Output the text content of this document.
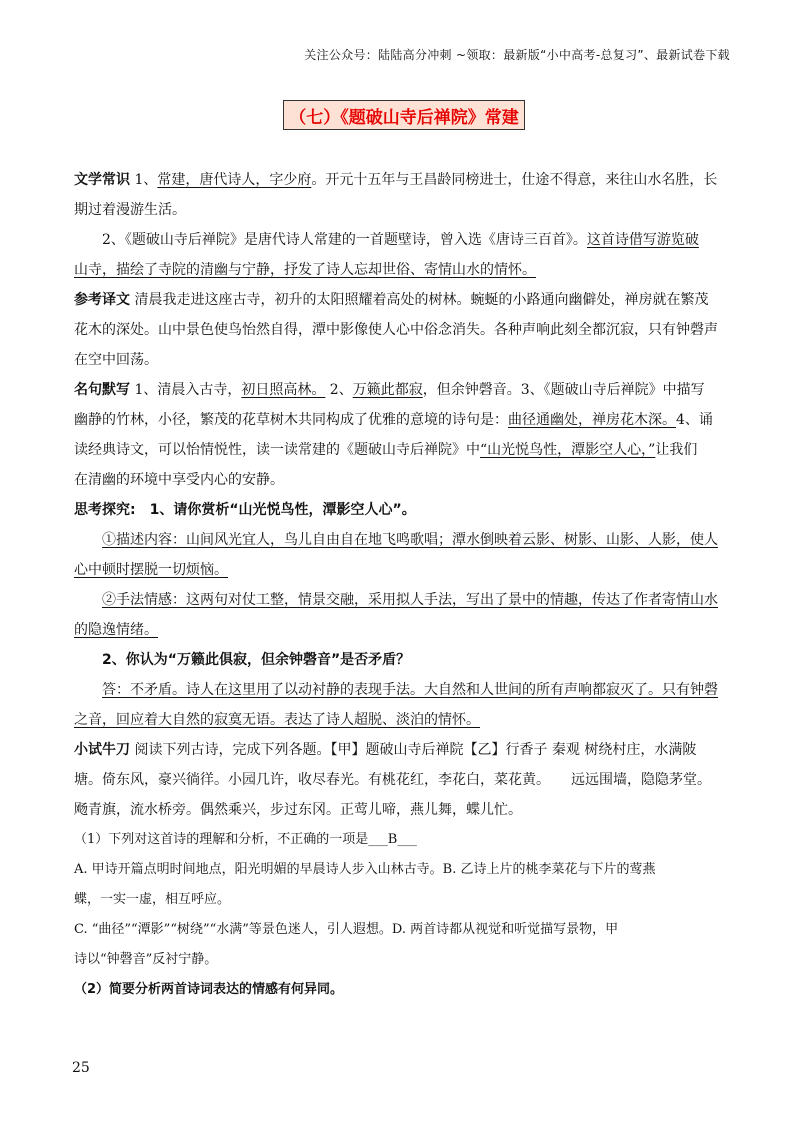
关注公众号：陆陆高分冲刺 ~领取：最新版“小中高考-总复习”、最新试卷下载
（七）《题破山寺后禅院》常建
文学常识 1、常建，唐代诗人，字少府。开元十五年与王昌龄同榜进士，仕途不得意，来往山水名胜，长
期过着漫游生活。
2、《题破山寺后禅院》是唐代诗人常建的一首题壁诗，曾入选《唐诗三百首》。这首诗借写游览破
山寺，描绘了寺院的清幽与宁静，抒发了诗人忘却世俗、寄情山水的情怀。
参考译文 清晨我走进这座古寺，初升的太阳照耀着高处的树林。蜿蜒的小路通向幽僻处，禅房就在繁茂
花木的深处。山中景色使鸟怡然自得，潭中影像使人心中俗念消失。各种声响此刻全都沉寂，只有钟磬声
在空中回荡。
名句默写 1、清晨入古寺，初日照高林。 2、万籁此都寂，但余钟磬音。3、《题破山寺后禅院》中描写
幽静的竹林，小径，繁茂的花草树木共同构成了优雅的意境的诗句是：曲径通幽处，禅房花木深。4、诵
读经典诗文，可以怡情悦性，读一读常建的《题破山寺后禅院》中“山光悦鸟性，潭影空人心，”让我们
在清幽的环境中享受内心的安静。
思考探究:　1、请你赏析“山光悦鸟性，潭影空人心”。
①描述内容：山间风光宜人，鸟儿自由自在地飞鸣歌唱；潭水倒映着云影、树影、山影、人影，使人
心中顿时摆脱一切烦恼。
②手法情感：这两句对仗工整，情景交融，采用拟人手法，写出了景中的情趣，传达了作者寄情山水
的隐逸情绪。
2、你认为“万籁此俱寂，但余钟磬音”是否矛盾？
答：不矛盾。诗人在这里用了以动衬静的表现手法。大自然和人世间的所有声响都寂灭了。只有钟磬
之音，回应着大自然的寂寞无语。表达了诗人超脱、淡泊的情怀。
小试牛刀 阅读下列古诗，完成下列各题。【甲】题破山寺后禅院【乙】行香子 秦观 树绕村庄，水满陂
塘。倚东风，豪兴徜徉。小园几许，收尽春光。有桃花红，李花白，菜花黄。　　远远围墙，隐隐茅堂。
飏青旗，流水桥旁。偶然乘兴，步过东冈。正莺儿啼，燕儿舞，蝶儿忙。
（1）下列对这首诗的理解和分析，不正确的一项是___B___
A. 甲诗开篇点明时间地点，阳光明媚的早晨诗人步入山林古寺。B. 乙诗上片的桃李菜花与下片的莺燕
蝶，一实一虚，相互呼应。
C. “曲径”“潭影”“树绕”“水满”等景色迷人，引人遐想。D. 两首诗都从视觉和听觉描写景物，甲
诗以“钟磬音”反衬宁静。
（2）简要分析两首诗词表达的情感有何异同。
25
